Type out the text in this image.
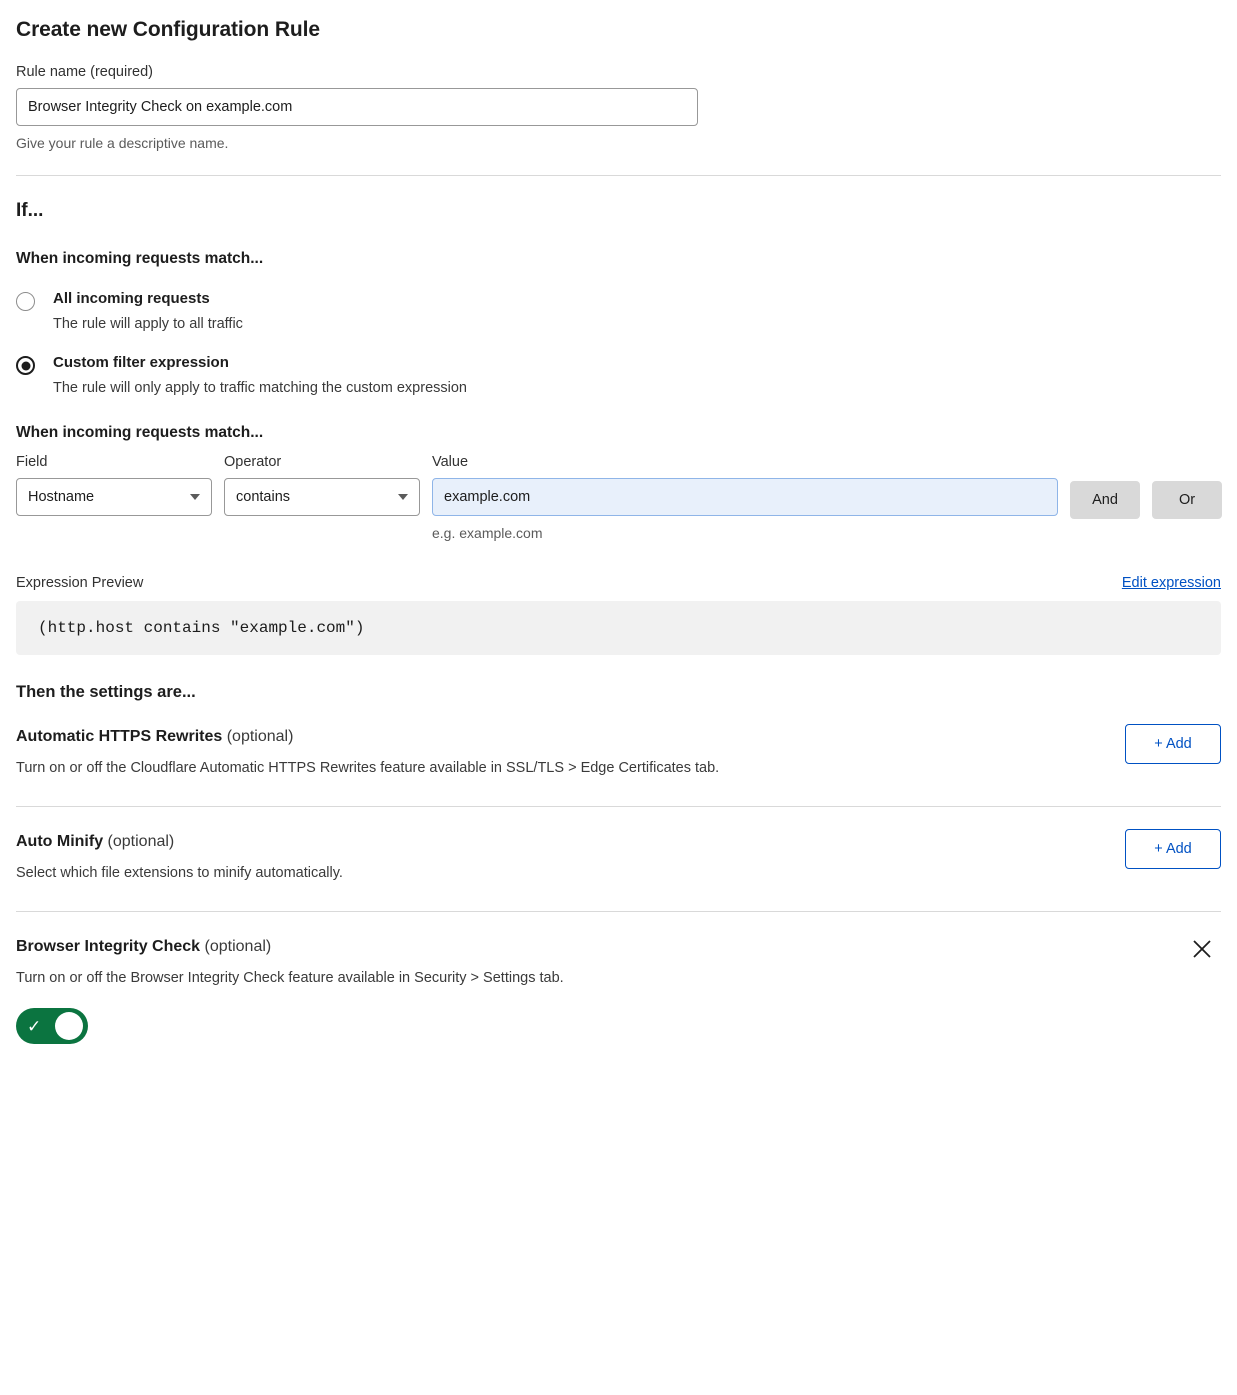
Create new Configuration Rule
Rule name (required)
Browser Integrity Check on example.com
Give your rule a descriptive name.
If...
When incoming requests match...
All incoming requests
The rule will apply to all traffic
Custom filter expression
The rule will only apply to traffic matching the custom expression
When incoming requests match...
Field
Hostname
Operator
contains
Value
example.com
e.g. example.com
And	Or
Expression Preview	Edit expression
(http.host contains "example.com")
Then the settings are...
Automatic HTTPS Rewrites (optional)
Turn on or off the Cloudflare Automatic HTTPS Rewrites feature available in SSL/TLS > Edge Certificates tab.
+ Add
Auto Minify (optional)
Select which file extensions to minify automatically.
+ Add
Browser Integrity Check (optional)
Turn on or off the Browser Integrity Check feature available in Security > Settings tab.
✓
